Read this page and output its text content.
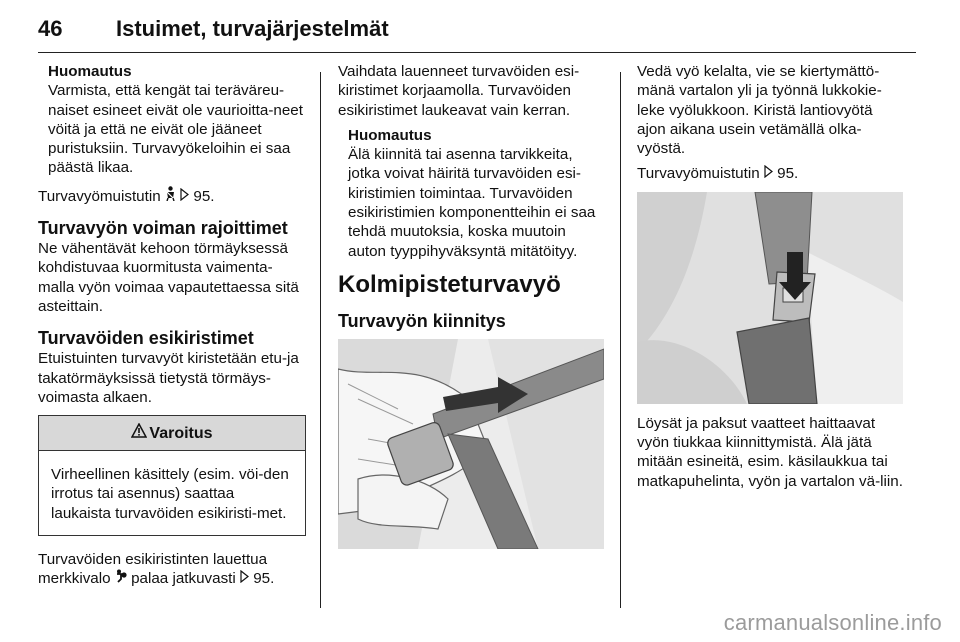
46 Istuimet, turvajärjestelmät
Huomautus
Varmista, että kengät tai teräväreu-naiset esineet eivät ole vaurioitta-neet vöitä ja että ne eivät ole jääneet puristuksiin. Turvavyökeloihin ei saa päästä likaa.

Turvavyömuistutin 95.

Turvavyön voiman rajoittimet

Ne vähentävät kehoon törmäyksessä kohdistuvaa kuormitusta vaimenta-malla vyön voimaa vapautettaessa sitä asteittain.

Turvavöiden esikiristimet

Etuistuinten turvavyöt kiristetään etu-ja takatörmäyksissä tietystä törmäys-voimasta alkaen.

Varoitus
Virheellinen käsittely (esim. vöi-den irrotus tai asennus) saattaa laukaista turvavöiden esikiristi-met.

Turvavöiden esikiristinten lauettua merkkivalo palaa jatkuvasti 95.

Vaihdata lauenneet turvavöiden esi-kiristimet korjaamolla. Turvavöiden esikiristimet laukeavat vain kerran.

Huomautus
Älä kiinnitä tai asenna tarvikkeita, jotka voivat häiritä turvavöiden esi-kiristimien toimintaa. Turvavöiden esikiristimien komponentteihin ei saa tehdä muutoksia, koska muutoin auton tyyppihyväksyntä mitätöityy.
Kolmipisteturvavyö
Turvavyön kiinnitys

Vedä vyö kelalta, vie se kiertymättö-mänä vartalon yli ja työnnä lukkokie-leke vyölukkoon. Kiristä lantiovyötä ajon aikana usein vetämällä olka-vyöstä.

Turvavyömuistutin 95.

Löysät ja paksut vaatteet haittaavat vyön tiukkaa kiinnittymistä. Älä jätä mitään esineitä, esim. käsilaukkua tai matkapuhelinta, vyön ja vartalon vä-liin.

carmanualsonline.info
